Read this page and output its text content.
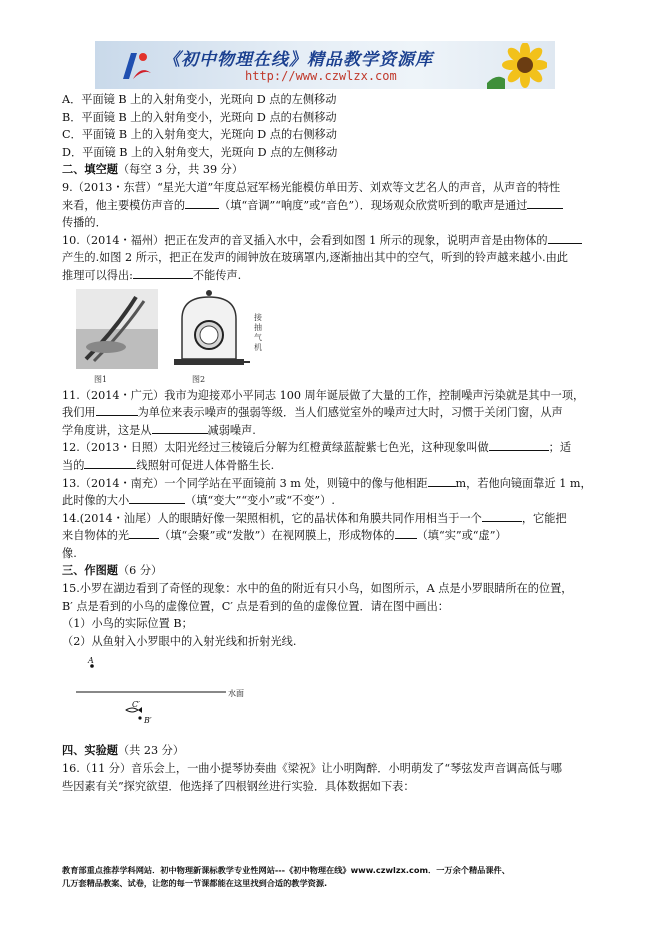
《初中物理在线》精品教学资源库
http://www.czwlzx.com

A．平面镜 B 上的入射角变小，光斑向 D 点的左侧移动

B．平面镜 B 上的入射角变小，光斑向 D 点的右侧移动

C．平面镜 B 上的入射角变大，光斑向 D 点的右侧移动

D．平面镜 B 上的入射角变大，光斑向 D 点的左侧移动

二、填空题（每空 3 分，共 39 分）

9.（2013・东营）“星光大道”年度总冠军杨光能模仿单田芳、刘欢等文艺名人的声音，从声音的特性

来看，他主要模仿声音的	（填“音调”“响度”或“音色”）．现场观众欣赏听到的歌声是通过

传播的．

10.（2014・福州）把正在发声的音叉插入水中，会看到如图 1 所示的现象，说明声音是由物体的

产生的.如图 2 所示，把正在发声的闹钟放在玻璃罩内,逐渐抽出其中的空气，听到的铃声越来越小.由此

推理可以得出:	不能传声.

图1	图2
接抽气机

11.（2014・广元）我市为迎接邓小平同志 100 周年诞辰做了大量的工作，控制噪声污染就是其中一项，

我们用	为单位来表示噪声的强弱等级．当人们感觉室外的噪声过大时，习惯于关闭门窗，从声

学角度讲，这是从	减弱噪声.

12.（2013・日照）太阳光经过三棱镜后分解为红橙黄绿蓝靛紫七色光，这种现象叫做	；适

当的	线照射可促进人体骨骼生长.

13.（2014・南充）一个同学站在平面镜前 3 m 处，则镜中的像与他相距	m，若他向镜面靠近 1 m，

此时像的大小	（填“变大”“变小”或“不变”）.

14.(2014・汕尾）人的眼睛好像一架照相机，它的晶状体和角膜共同作用相当于一个	，它能把

来自物体的光	（填“会聚”或“发散”）在视网膜上，形成物体的 （填“实”或“虚”）

像.

三、作图题（6 分）

15.小罗在湖边看到了奇怪的现象：水中的鱼的附近有只小鸟，如图所示，A 点是小罗眼睛所在的位置，

B′ 点是看到的小鸟的虚像位置，C′ 点是看到的鱼的虚像位置．请在图中画出：

（1）小鸟的实际位置 B；

（2）从鱼射入小罗眼中的入射光线和折射光线.

A
C′
B′
水面

四、实验题（共 23 分）

16.（11 分）音乐会上，一曲小提琴协奏曲《梁祝》让小明陶醉．小明萌发了“琴弦发声音调高低与哪

些因素有关”探究欲望．他选择了四根钢丝进行实验．具体数据如下表：

教育部重点推荐学科网站．初中物理新课标教学专业性网站---《初中物理在线》www.czwlzx.com．一万余个精品课件、
几万套精品教案、试卷，让您的每一节课都能在这里找到合适的教学资源.
